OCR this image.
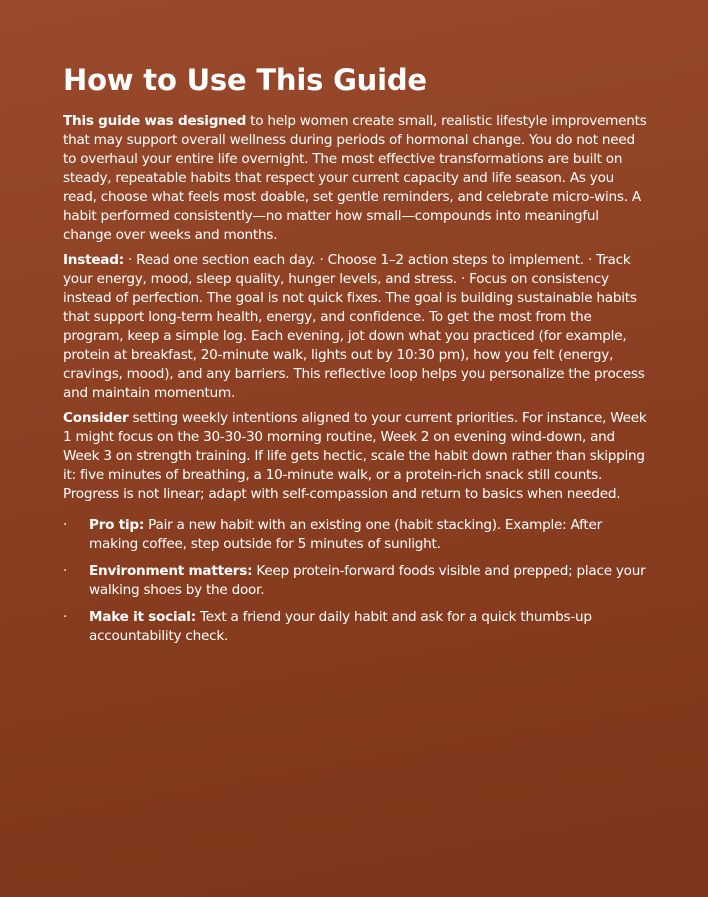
How to Use This Guide

This guide was designed to help women create small, realistic lifestyle improvements that may support overall wellness during periods of hormonal change. You do not need to overhaul your entire life overnight. The most effective transformations are built on steady, repeatable habits that respect your current capacity and life season. As you read, choose what feels most doable, set gentle reminders, and celebrate micro-wins. A habit performed consistently—no matter how small—compounds into meaningful change over weeks and months.

Instead: · Read one section each day. · Choose 1–2 action steps to implement. · Track your energy, mood, sleep quality, hunger levels, and stress. · Focus on consistency instead of perfection. The goal is not quick fixes. The goal is building sustainable habits that support long-term health, energy, and confidence. To get the most from the program, keep a simple log. Each evening, jot down what you practiced (for example, protein at breakfast, 20-minute walk, lights out by 10:30 pm), how you felt (energy, cravings, mood), and any barriers. This reflective loop helps you personalize the process and maintain momentum.

Consider setting weekly intentions aligned to your current priorities. For instance, Week 1 might focus on the 30-30-30 morning routine, Week 2 on evening wind-down, and Week 3 on strength training. If life gets hectic, scale the habit down rather than skipping it: five minutes of breathing, a 10-minute walk, or a protein-rich snack still counts. Progress is not linear; adapt with self-compassion and return to basics when needed.

·	Pro tip: Pair a new habit with an existing one (habit stacking). Example: After making coffee, step outside for 5 minutes of sunlight.
·	Environment matters: Keep protein-forward foods visible and prepped; place your walking shoes by the door.
·	Make it social: Text a friend your daily habit and ask for a quick thumbs-up accountability check.
